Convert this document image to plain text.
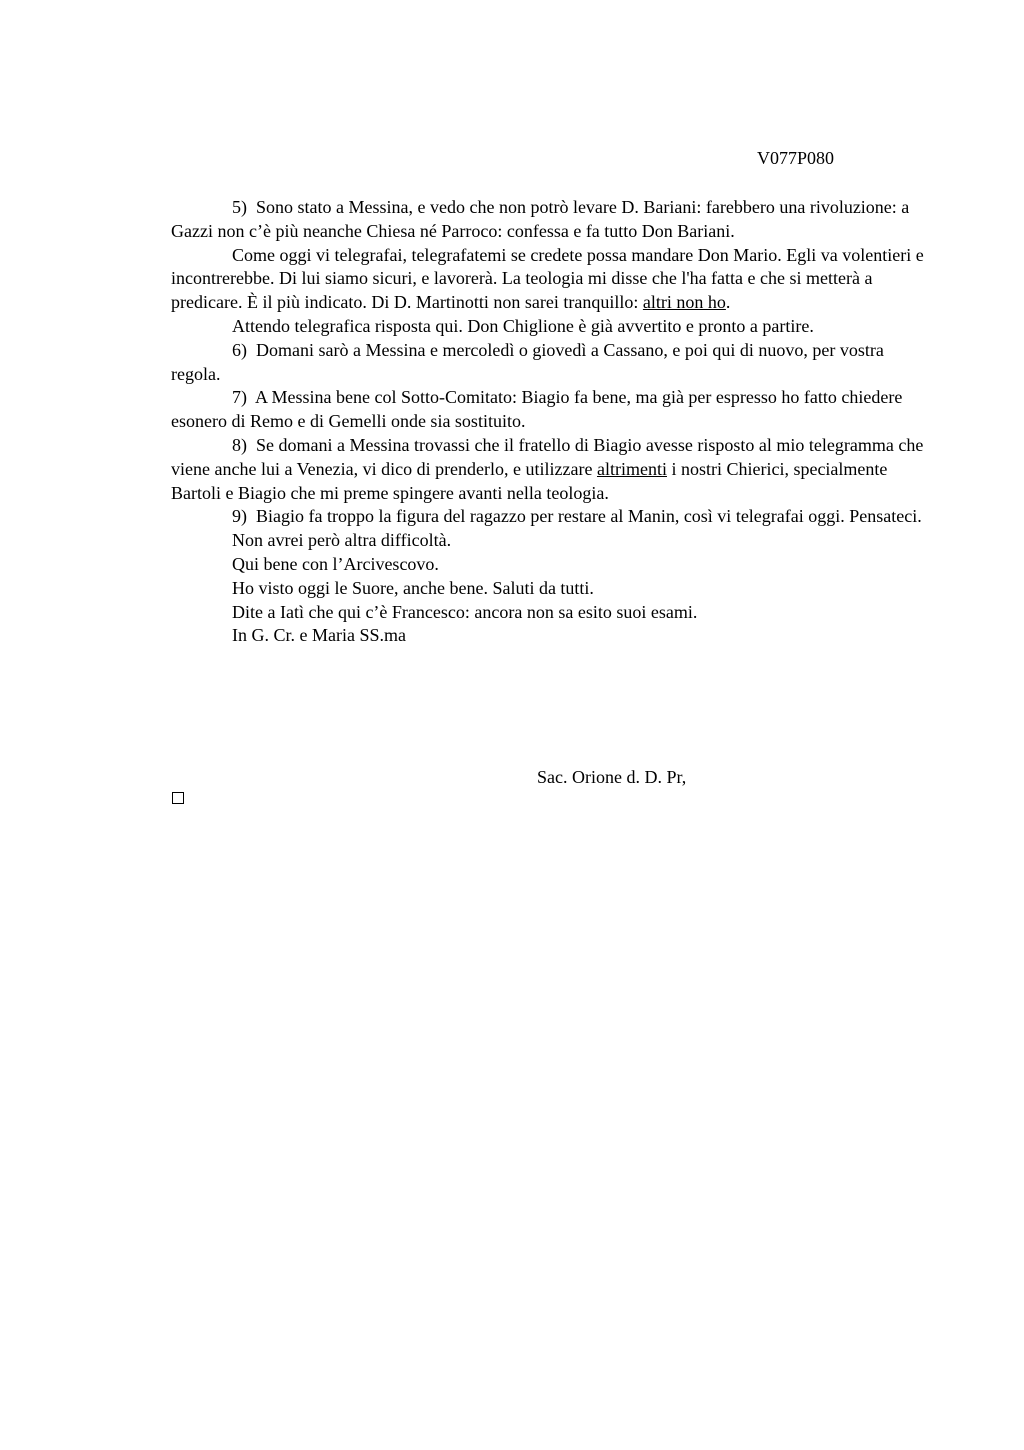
V077P080

5) Sono stato a Messina, e vedo che non potrò levare D. Bariani: farebbero una rivoluzione: a Gazzi non c’è più neanche Chiesa né Parroco: confessa e fa tutto Don Bariani.

Come oggi vi telegrafai, telegrafatemi se credete possa mandare Don Mario. Egli va volentieri e incontrerebbe. Di lui siamo sicuri, e lavorerà. La teologia mi disse che l'ha fatta e che si metterà a predicare. È il più indicato. Di D. Martinotti non sarei tranquillo: altri non ho.

Attendo telegrafica risposta qui. Don Chiglione è già avvertito e pronto a partire.

6) Domani sarò a Messina e mercoledì o giovedì a Cassano, e poi qui di nuovo, per vostra regola.

7) A Messina bene col Sotto-Comitato: Biagio fa bene, ma già per espresso ho fatto chiedere esonero di Remo e di Gemelli onde sia sostituito.

8) Se domani a Messina trovassi che il fratello di Biagio avesse risposto al mio telegramma che viene anche lui a Venezia, vi dico di prenderlo, e utilizzare altrimenti i nostri Chierici, specialmente Bartoli e Biagio che mi preme spingere avanti nella teologia.

9) Biagio fa troppo la figura del ragazzo per restare al Manin, così vi telegrafai oggi. Pensateci.

Non avrei però altra difficoltà.

Qui bene con l’Arcivescovo.

Ho visto oggi le Suore, anche bene. Saluti da tutti.

Dite a Iatì che qui c’è Francesco: ancora non sa esito suoi esami.

In G. Cr. e Maria SS.ma

Sac. Orione d. D. Pr,
